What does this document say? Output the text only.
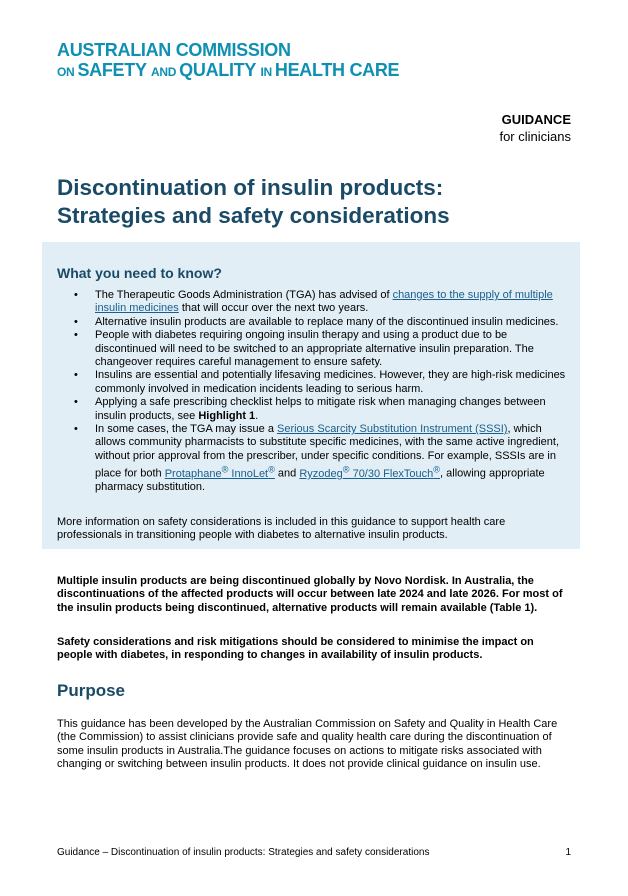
AUSTRALIAN COMMISSION
ON SAFETY AND QUALITY IN HEALTH CARE
GUIDANCE
for clinicians
Discontinuation of insulin products:
Strategies and safety considerations
What you need to know?
• The Therapeutic Goods Administration (TGA) has advised of changes to the supply of multiple insulin medicines that will occur over the next two years.
• Alternative insulin products are available to replace many of the discontinued insulin medicines.
• People with diabetes requiring ongoing insulin therapy and using a product due to be discontinued will need to be switched to an appropriate alternative insulin preparation. The changeover requires careful management to ensure safety.
• Insulins are essential and potentially lifesaving medicines. However, they are high-risk medicines commonly involved in medication incidents leading to serious harm.
• Applying a safe prescribing checklist helps to mitigate risk when managing changes between insulin products, see Highlight 1.
• In some cases, the TGA may issue a Serious Scarcity Substitution Instrument (SSSI), which allows community pharmacists to substitute specific medicines, with the same active ingredient, without prior approval from the prescriber, under specific conditions. For example, SSSIs are in place for both Protaphane® InnoLet® and Ryzodeg® 70/30 FlexTouch®, allowing appropriate pharmacy substitution.

More information on safety considerations is included in this guidance to support health care professionals in transitioning people with diabetes to alternative insulin products.

Multiple insulin products are being discontinued globally by Novo Nordisk. In Australia, the discontinuations of the affected products will occur between late 2024 and late 2026. For most of the insulin products being discontinued, alternative products will remain available (Table 1).

Safety considerations and risk mitigations should be considered to minimise the impact on people with diabetes, in responding to changes in availability of insulin products.

Purpose

This guidance has been developed by the Australian Commission on Safety and Quality in Health Care (the Commission) to assist clinicians provide safe and quality health care during the discontinuation of some insulin products in Australia.The guidance focuses on actions to mitigate risks associated with changing or switching between insulin products. It does not provide clinical guidance on insulin use.

Guidance – Discontinuation of insulin products: Strategies and safety considerations	1
